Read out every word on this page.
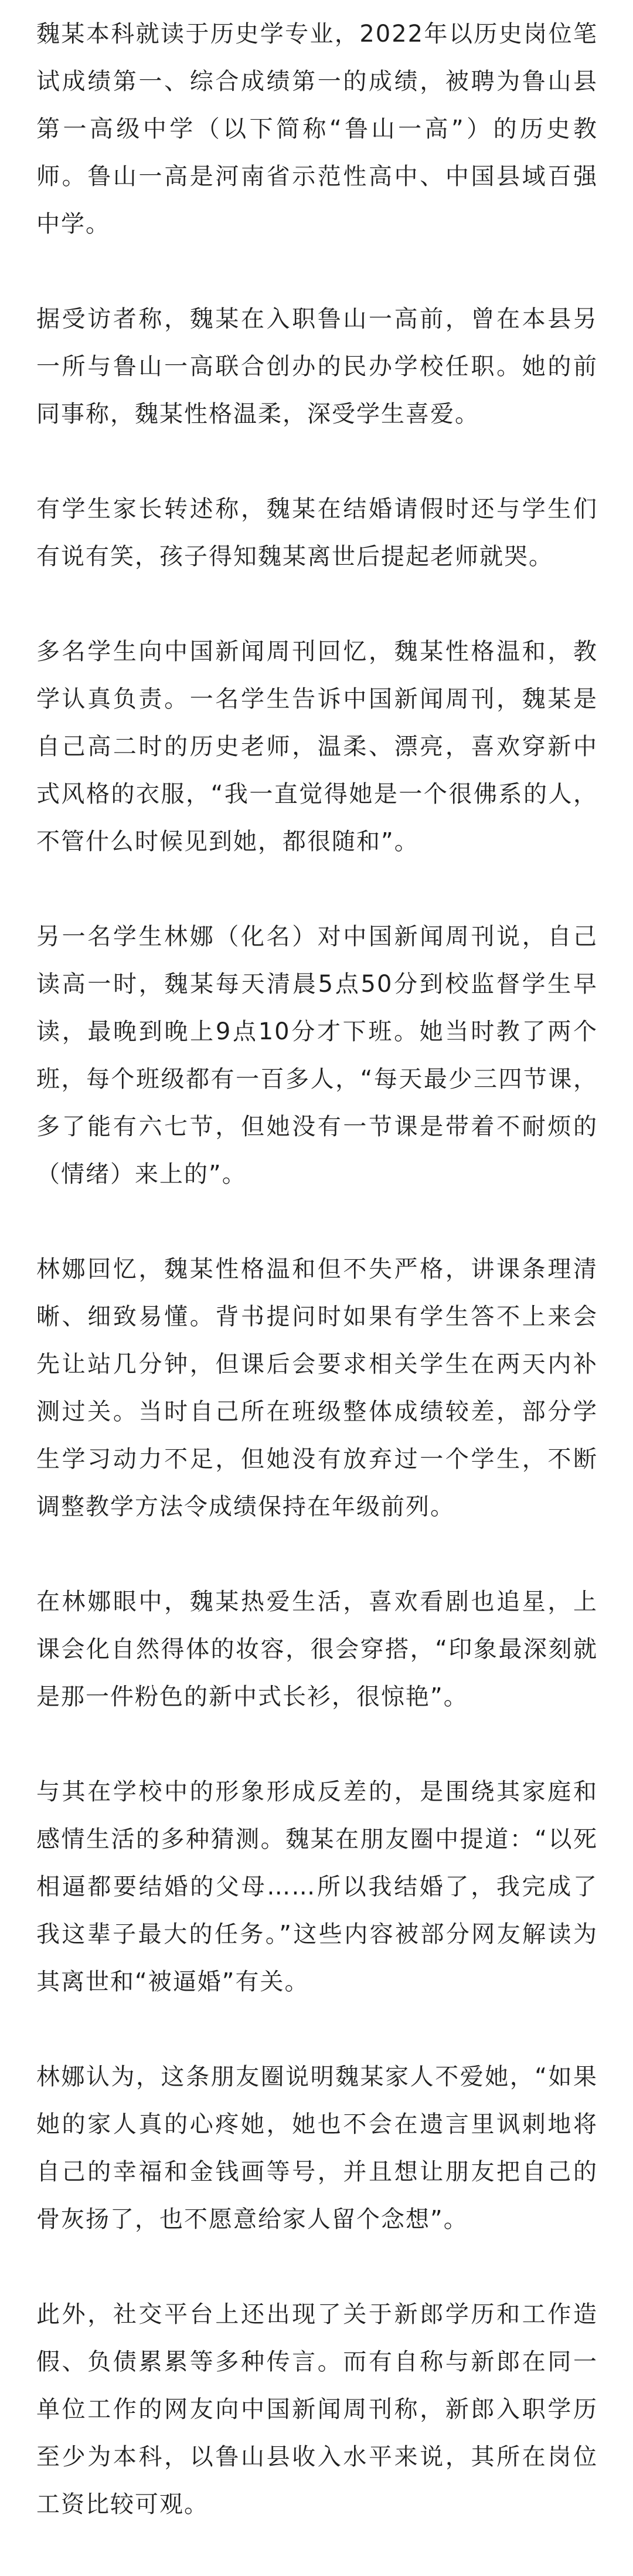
魏某本科就读于历史学专业，2022年以历史岗位笔试成绩第一、综合成绩第一的成绩，被聘为鲁山县第一高级中学（以下简称“鲁山一高”）的历史教师。鲁山一高是河南省示范性高中、中国县域百强中学。

据受访者称，魏某在入职鲁山一高前，曾在本县另一所与鲁山一高联合创办的民办学校任职。她的前同事称，魏某性格温柔，深受学生喜爱。

有学生家长转述称，魏某在结婚请假时还与学生们有说有笑，孩子得知魏某离世后提起老师就哭。

多名学生向中国新闻周刊回忆，魏某性格温和，教学认真负责。一名学生告诉中国新闻周刊，魏某是自己高二时的历史老师，温柔、漂亮，喜欢穿新中式风格的衣服，“我一直觉得她是一个很佛系的人，不管什么时候见到她，都很随和”。

另一名学生林娜（化名）对中国新闻周刊说，自己读高一时，魏某每天清晨5点50分到校监督学生早读，最晚到晚上9点10分才下班。她当时教了两个班，每个班级都有一百多人，“每天最少三四节课，多了能有六七节，但她没有一节课是带着不耐烦的（情绪）来上的”。

林娜回忆，魏某性格温和但不失严格，讲课条理清晰、细致易懂。背书提问时如果有学生答不上来会先让站几分钟，但课后会要求相关学生在两天内补测过关。当时自己所在班级整体成绩较差，部分学生学习动力不足，但她没有放弃过一个学生，不断调整教学方法令成绩保持在年级前列。

在林娜眼中，魏某热爱生活，喜欢看剧也追星，上课会化自然得体的妆容，很会穿搭，“印象最深刻就是那一件粉色的新中式长衫，很惊艳”。

与其在学校中的形象形成反差的，是围绕其家庭和感情生活的多种猜测。魏某在朋友圈中提道：“以死相逼都要结婚的父母……所以我结婚了，我完成了我这辈子最大的任务。”这些内容被部分网友解读为其离世和“被逼婚”有关。

林娜认为，这条朋友圈说明魏某家人不爱她，“如果她的家人真的心疼她，她也不会在遗言里讽刺地将自己的幸福和金钱画等号，并且想让朋友把自己的骨灰扬了，也不愿意给家人留个念想”。

此外，社交平台上还出现了关于新郎学历和工作造假、负债累累等多种传言。而有自称与新郎在同一单位工作的网友向中国新闻周刊称，新郎入职学历至少为本科，以鲁山县收入水平来说，其所在岗位工资比较可观。
